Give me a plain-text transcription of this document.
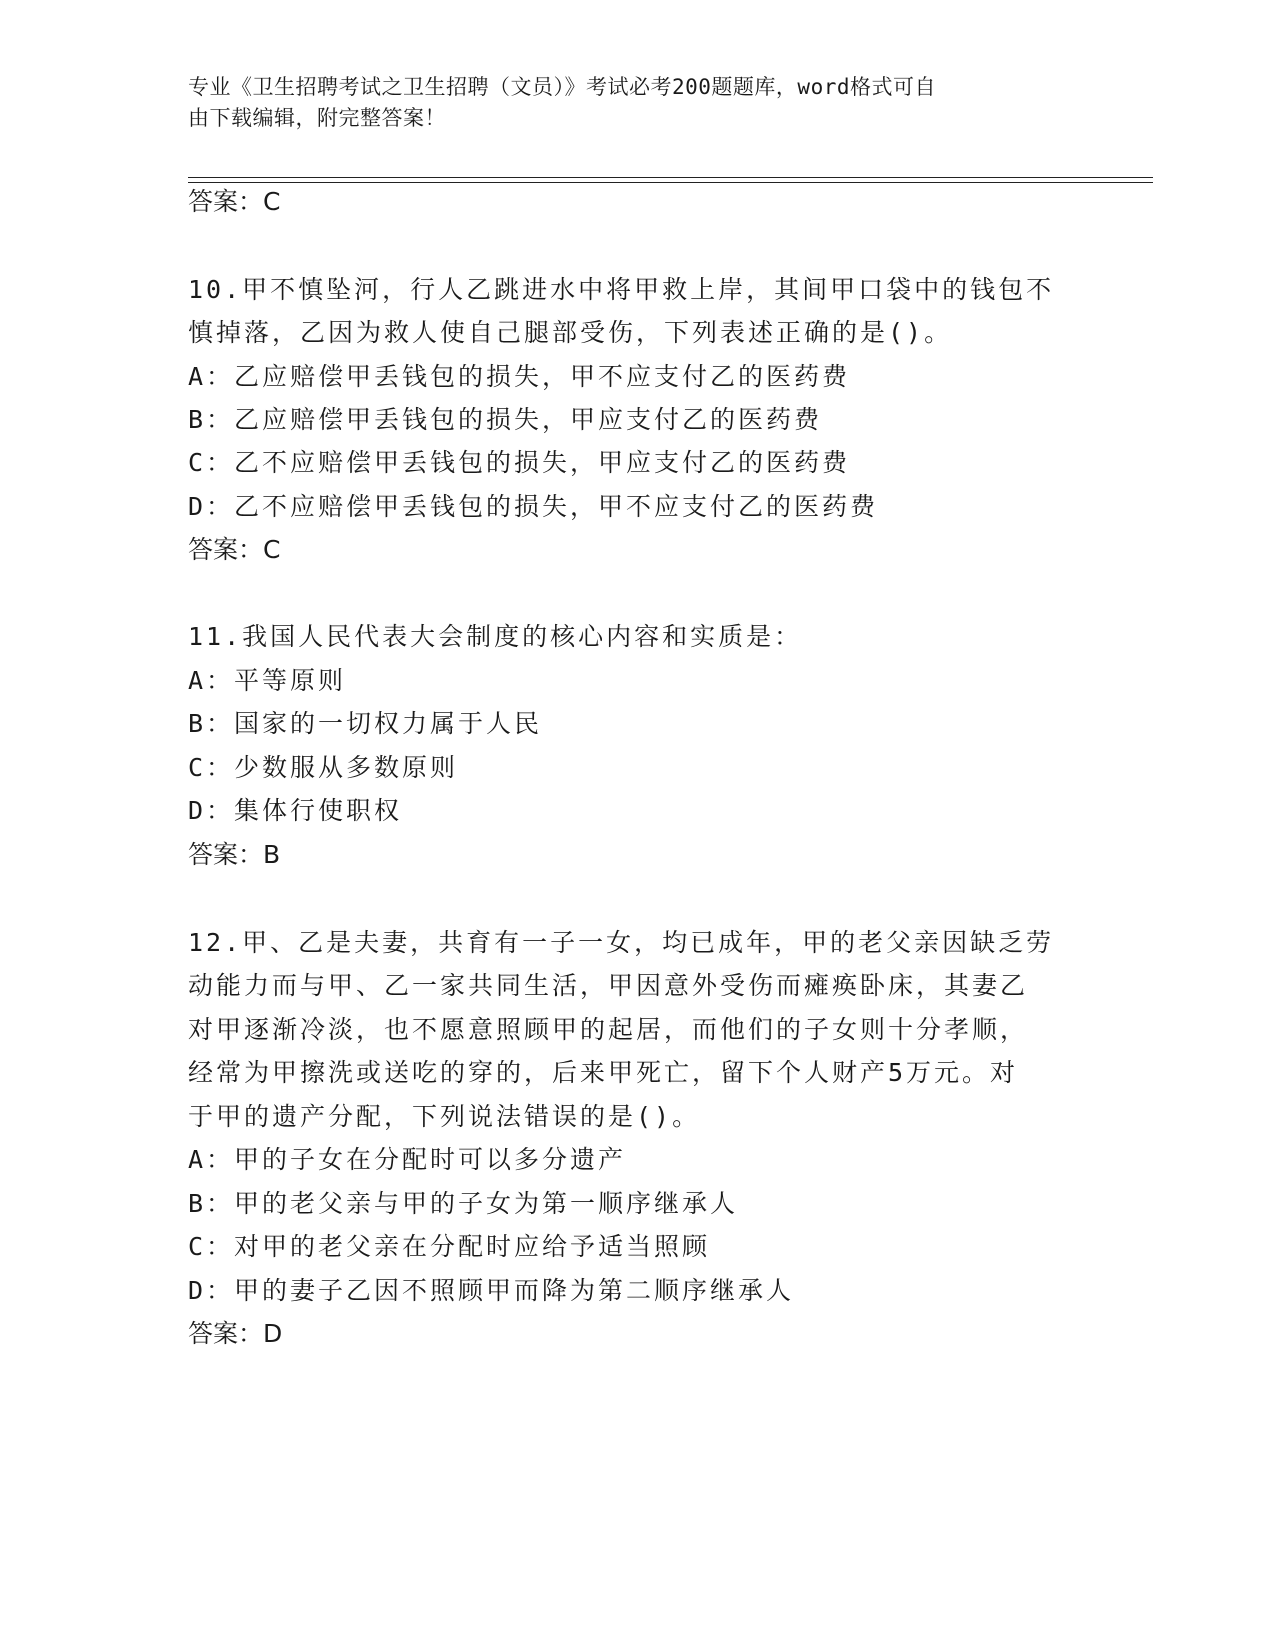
专业《卫生招聘考试之卫生招聘（文员）》考试必考200题题库，word格式可自
由下载编辑，附完整答案！
答案：C
10.甲不慎坠河，行人乙跳进水中将甲救上岸，其间甲口袋中的钱包不
慎掉落，乙因为救人使自己腿部受伤，下列表述正确的是()。
A：乙应赔偿甲丢钱包的损失，甲不应支付乙的医药费
B：乙应赔偿甲丢钱包的损失，甲应支付乙的医药费
C：乙不应赔偿甲丢钱包的损失，甲应支付乙的医药费
D：乙不应赔偿甲丢钱包的损失，甲不应支付乙的医药费
答案：C
11.我国人民代表大会制度的核心内容和实质是：
A：平等原则
B：国家的一切权力属于人民
C：少数服从多数原则
D：集体行使职权
答案：B
12.甲、乙是夫妻，共育有一子一女，均已成年，甲的老父亲因缺乏劳
动能力而与甲、乙一家共同生活，甲因意外受伤而瘫痪卧床，其妻乙
对甲逐渐冷淡，也不愿意照顾甲的起居，而他们的子女则十分孝顺，
经常为甲擦洗或送吃的穿的，后来甲死亡，留下个人财产5万元。对
于甲的遗产分配，下列说法错误的是()。
A：甲的子女在分配时可以多分遗产
B：甲的老父亲与甲的子女为第一顺序继承人
C：对甲的老父亲在分配时应给予适当照顾
D：甲的妻子乙因不照顾甲而降为第二顺序继承人
答案：D
